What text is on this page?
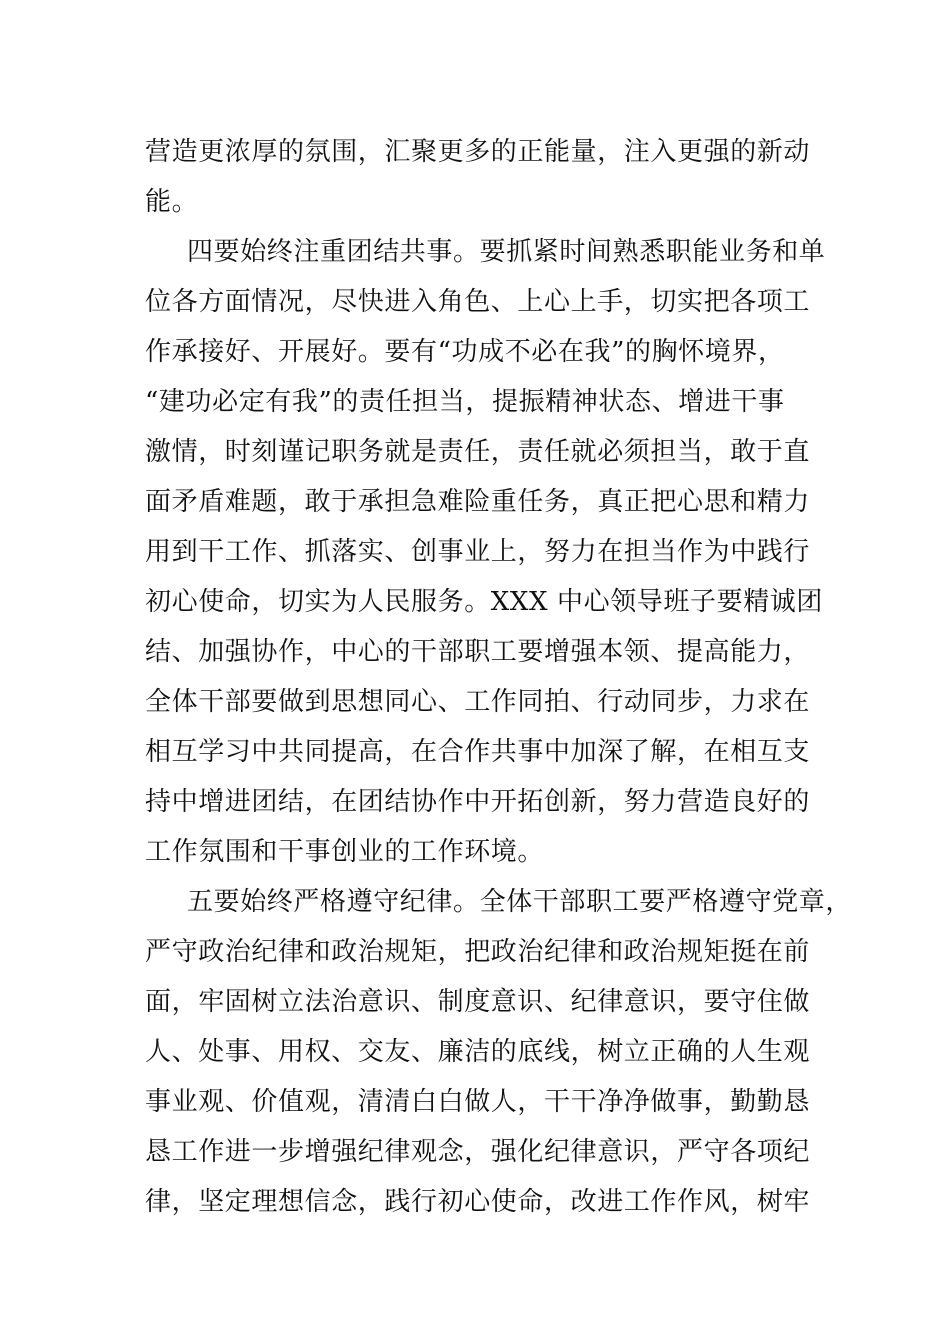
营造更浓厚的氛围，汇聚更多的正能量，注入更强的新动
能。
四要始终注重团结共事。要抓紧时间熟悉职能业务和单
位各方面情况，尽快进入角色、上心上手，切实把各项工
作承接好、开展好。要有“功成不必在我”的胸怀境界，
“建功必定有我”的责任担当，提振精神状态、增进干事
激情，时刻谨记职务就是责任，责任就必须担当，敢于直
面矛盾难题，敢于承担急难险重任务，真正把心思和精力
用到干工作、抓落实、创事业上，努力在担当作为中践行
初心使命，切实为人民服务。XXX 中心领导班子要精诚团
结、加强协作，中心的干部职工要增强本领、提高能力，
全体干部要做到思想同心、工作同拍、行动同步，力求在
相互学习中共同提高，在合作共事中加深了解，在相互支
持中增进团结，在团结协作中开拓创新，努力营造良好的
工作氛围和干事创业的工作环境。
五要始终严格遵守纪律。全体干部职工要严格遵守党章，
严守政治纪律和政治规矩，把政治纪律和政治规矩挺在前
面，牢固树立法治意识、制度意识、纪律意识，要守住做
人、处事、用权、交友、廉洁的底线，树立正确的人生观
事业观、价值观，清清白白做人，干干净净做事，勤勤恳
恳工作进一步增强纪律观念，强化纪律意识，严守各项纪
律，坚定理想信念，践行初心使命，改进工作作风，树牢
